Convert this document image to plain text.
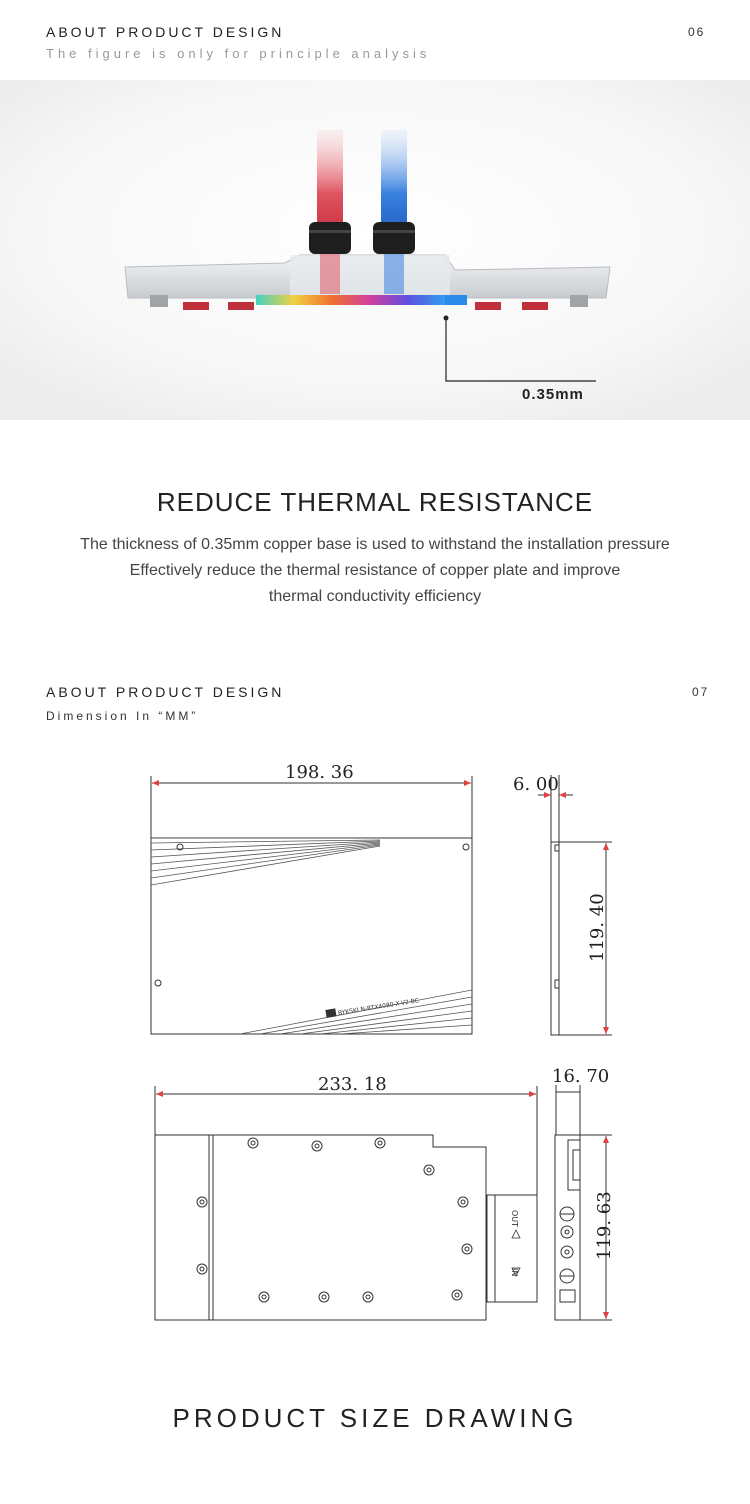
ABOUT PRODUCT DESIGN
The figure is only for principle analysis
06
0.35mm
REDUCE THERMAL RESISTANCE
The thickness of 0.35mm copper base is used to withstand the installation pressure
Effectively reduce the thermal resistance of copper plate and improve
thermal conductivity efficiency
ABOUT PRODUCT DESIGN
Dimension In “MM”
07
BYKSKI N-RTX4080-X-V2-BC
198. 36
6. 00
119. 40
OUT
IN
233. 18	16. 70
119. 63
PRODUCT SIZE DRAWING
